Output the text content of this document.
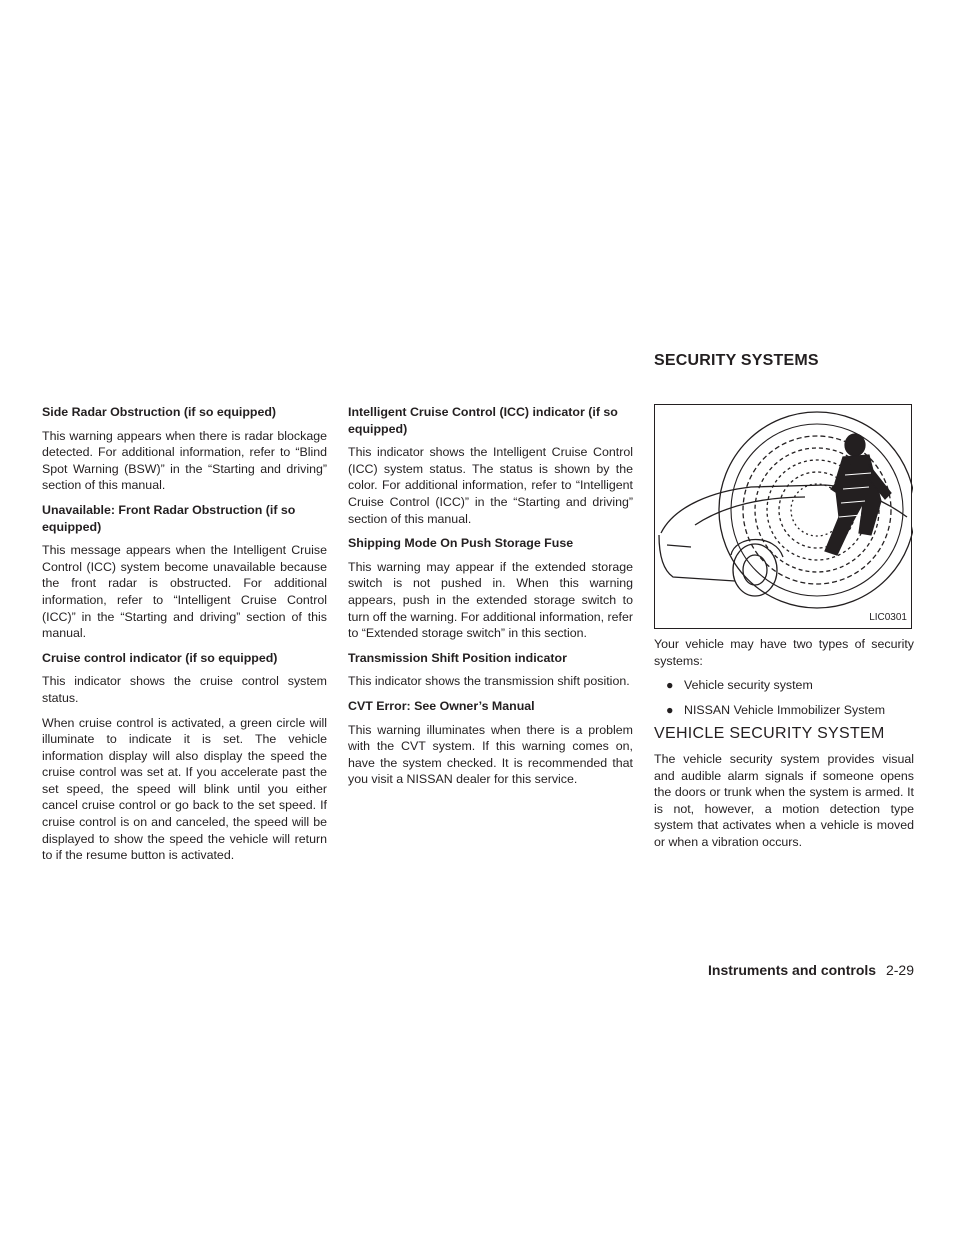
SECURITY SYSTEMS
Side Radar Obstruction (if so equipped)

This warning appears when there is radar blockage detected. For additional information, refer to “Blind Spot Warning (BSW)” in the “Starting and driving” section of this manual.

Unavailable: Front Radar Obstruction (if so equipped)

This message appears when the Intelligent Cruise Control (ICC) system become unavailable because the front radar is obstructed. For additional information, refer to “Intelligent Cruise Control (ICC)” in the “Starting and driving” section of this manual.

Cruise control indicator (if so equipped)

This indicator shows the cruise control system status.

When cruise control is activated, a green circle will illuminate to indicate it is set. The vehicle information display will also display the speed the cruise control was set at. If you accelerate past the set speed, the speed will blink until you either cancel cruise control or go back to the set speed. If cruise control is on and canceled, the speed will be displayed to show the speed the vehicle will return to if the resume button is activated.

Intelligent Cruise Control (ICC) indicator (if so equipped)

This indicator shows the Intelligent Cruise Control (ICC) system status. The status is shown by the color. For additional information, refer to “Intelligent Cruise Control (ICC)” in the “Starting and driving” section of this manual.

Shipping Mode On Push Storage Fuse

This warning may appear if the extended storage switch is not pushed in. When this warning appears, push in the extended storage switch to turn off the warning. For additional information, refer to “Extended storage switch” in this section.

Transmission Shift Position indicator

This indicator shows the transmission shift position.

CVT Error: See Owner’s Manual

This warning illuminates when there is a problem with the CVT system. If this warning comes on, have the system checked. It is recommended that you visit a NISSAN dealer for this service.

LIC0301

Your vehicle may have two types of security systems:

● Vehicle security system
● NISSAN Vehicle Immobilizer System
VEHICLE SECURITY SYSTEM

The vehicle security system provides visual and audible alarm signals if someone opens the doors or trunk when the system is armed. It is not, however, a motion detection type system that activates when a vehicle is moved or when a vibration occurs.

Instruments and controls 2-29
